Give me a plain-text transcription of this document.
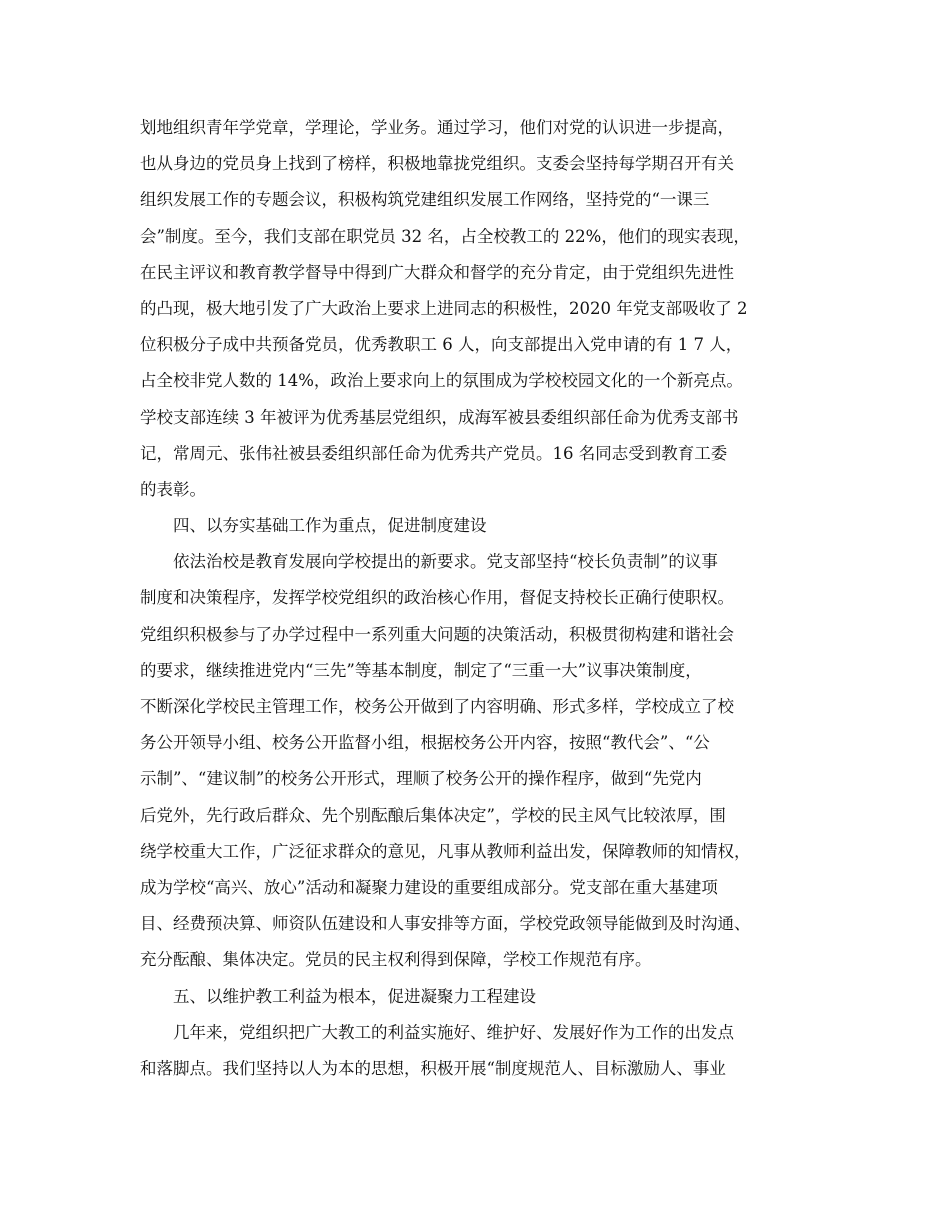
划地组织青年学党章，学理论，学业务。通过学习，他们对党的认识进一步提高，
也从身边的党员身上找到了榜样，积极地靠拢党组织。支委会坚持每学期召开有关
组织发展工作的专题会议，积极构筑党建组织发展工作网络，坚持党的“一课三
会”制度。至今，我们支部在职党员 32 名，占全校教工的 22%，他们的现实表现，
在民主评议和教育教学督导中得到广大群众和督学的充分肯定，由于党组织先进性
的凸现，极大地引发了广大政治上要求上进同志的积极性，2020 年党支部吸收了 2
位积极分子成中共预备党员，优秀教职工 6 人，向支部提出入党申请的有 1 7 人，
占全校非党人数的 14%，政治上要求向上的氛围成为学校校园文化的一个新亮点。
学校支部连续 3 年被评为优秀基层党组织，成海军被县委组织部任命为优秀支部书
记，常周元、张伟社被县委组织部任命为优秀共产党员。16 名同志受到教育工委
的表彰。
四、以夯实基础工作为重点，促进制度建设
依法治校是教育发展向学校提出的新要求。党支部坚持“校长负责制”的议事
制度和决策程序，发挥学校党组织的政治核心作用，督促支持校长正确行使职权。
党组织积极参与了办学过程中一系列重大问题的决策活动，积极贯彻构建和谐社会
的要求，继续推进党内“三先”等基本制度，制定了“三重一大”议事决策制度，
不断深化学校民主管理工作，校务公开做到了内容明确、形式多样，学校成立了校
务公开领导小组、校务公开监督小组，根据校务公开内容，按照“教代会”、“公
示制”、“建议制”的校务公开形式，理顺了校务公开的操作程序，做到“先党内
后党外，先行政后群众、先个别酝酿后集体决定”，学校的民主风气比较浓厚，围
绕学校重大工作，广泛征求群众的意见，凡事从教师利益出发，保障教师的知情权，
成为学校“高兴、放心”活动和凝聚力建设的重要组成部分。党支部在重大基建项
目、经费预决算、师资队伍建设和人事安排等方面，学校党政领导能做到及时沟通、
充分酝酿、集体决定。党员的民主权利得到保障，学校工作规范有序。
五、以维护教工利益为根本，促进凝聚力工程建设
几年来，党组织把广大教工的利益实施好、维护好、发展好作为工作的出发点
和落脚点。我们坚持以人为本的思想，积极开展“制度规范人、目标激励人、事业
